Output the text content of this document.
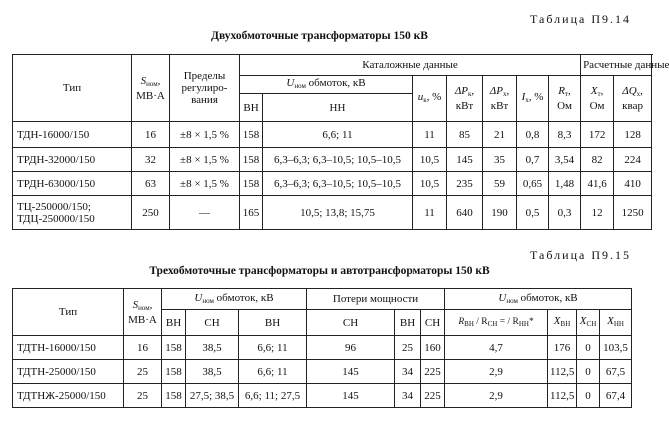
Таблица П9.14
Двухобмоточные трансформаторы 150 кВ
Тип	$S_{ном}$, МВ·А	Пределы регулиро- вания	Каталожные данные							Расчетные данные	
			$U_{ном}$ обмоток, кВ		$u_к$, %	$\Delta P_к$, кВт	$\Delta P_х$, кВт	$I_х$, %	$R_т$, Ом	$X_т$, Ом	$\Delta Q_х$, квар
			ВН	НН							
ТДН-16000/150	16	±8 × 1,5 %	158	6,6; 11	11	85	21	0,8	8,3	172	128
ТРДН-32000/150	32	±8 × 1,5 %	158	6,3–6,3; 6,3–10,5; 10,5–10,5	10,5	145	35	0,7	3,54	82	224
ТРДН-63000/150	63	±8 × 1,5 %	158	6,3–6,3; 6,3–10,5; 10,5–10,5	10,5	235	59	0,65	1,48	41,6	410
ТЦ-250000/150; ТДЦ-250000/150	250	—	165	10,5; 13,8; 15,75	11	640	190	0,5	0,3	12	1250
Таблица П9.15
Трехобмоточные трансформаторы и автотрансформаторы 150 кВ
Тип	$S_{ном}$, МВ·А	$U_{ном}$ обмоток, кВ			Потери мощности			$U_{ном}$ обмоток, кВ			
		ВН	СН	ВН	СН	ВН	СН	$R_{ВН} / R_{СН}$ = / $R_{НН}*$	$X_{ВН}$	$X_{СН}$	$X_{НН}$
ТДТН-16000/150	16	158	38,5	6,6; 11	96	25	160	4,7	176	0	103,5
ТДТН-25000/150	25	158	38,5	6,6; 11	145	34	225	2,9	112,5	0	67,5
ТДТНЖ-25000/150	25	158	27,5; 38,5	6,6; 11; 27,5	145	34	225	2,9	112,5	0	67,4
